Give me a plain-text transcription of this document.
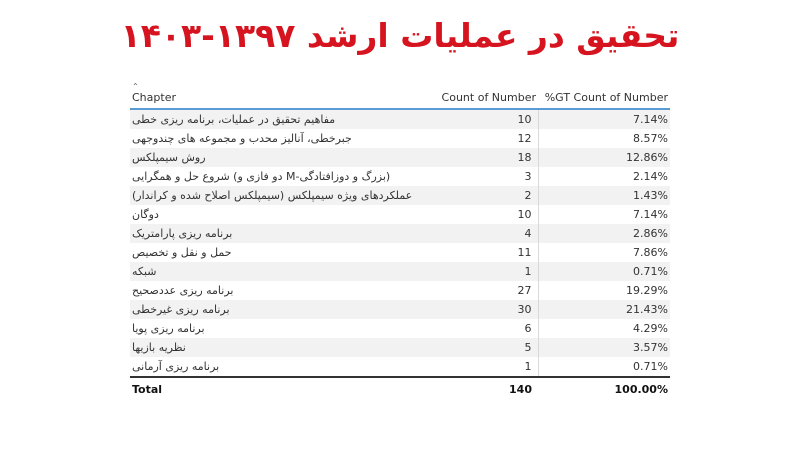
تحقیق در عملیات ارشد ۱۳۹۷-۱۴۰۳
⌃
Chapter	Count of Number	%GT Count of Number
مفاهیم تحقیق در عملیات، برنامه ریزی خطی	10	7.14%
جبرخطی، آنالیز محدب و مجموعه های چندوجهی	12	8.57%
روش سیمپلکس	18	12.86%
(بزرگ و دوزافتادگی-M دو فازی و) شروع حل و همگرایی	3	2.14%
عملکردهای ویژه سیمپلکس (سیمپلکس اصلاح شده و کراندار)	2	1.43%
دوگان	10	7.14%
برنامه ریزی پارامتریک	4	2.86%
حمل و نقل و تخصیص	11	7.86%
شبکه	1	0.71%
برنامه ریزی عددصحیح	27	19.29%
برنامه ریزی غیرخطی	30	21.43%
برنامه ریزی پویا	6	4.29%
نظریه بازیها	5	3.57%
برنامه ریزی آرمانی	1	0.71%
Total	140	100.00%
